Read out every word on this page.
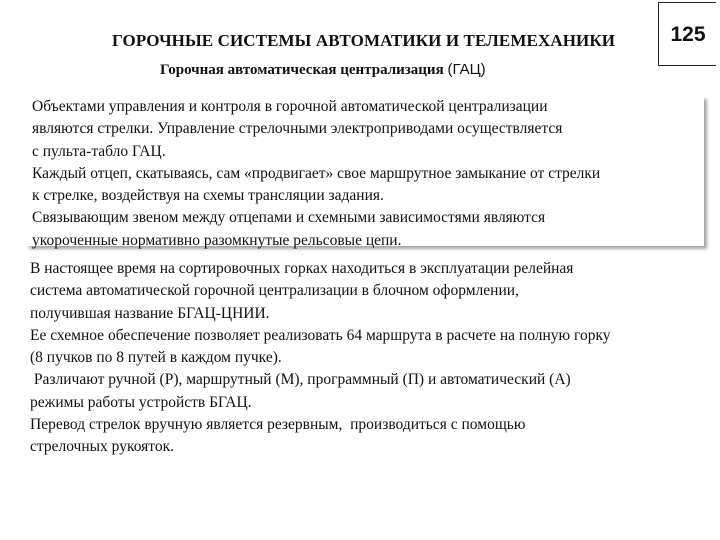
ГОРОЧНЫЕ СИСТЕМЫ АВТОМАТИКИ И ТЕЛЕМЕХАНИКИ	125
Горочная автоматическая централизация (ГАЦ)
Объектами управления и контроля в горочной автоматической централизации
являются стрелки. Управление стрелочными электроприводами осуществляется
с пульта-табло ГАЦ.
Каждый отцеп, скатываясь, сам «продвигает» свое маршрутное замыкание от стрелки
к стрелке, воздействуя на схемы трансляции задания.
Связывающим звеном между отцепами и схемными зависимостями являются
укороченные нормативно разомкнутые рельсовые цепи.
В настоящее время на сортировочных горках находиться в эксплуатации релейная
система автоматической горочной централизации в блочном оформлении,
получившая название БГАЦ-ЦНИИ.
Ее схемное обеспечение позволяет реализовать 64 маршрута в расчете на полную горку
(8 пучков по 8 путей в каждом пучке).
Различают ручной (Р), маршрутный (М), программный (П) и автоматический (А)
режимы работы устройств БГАЦ.
Перевод стрелок вручную является резервным,  производиться с помощью
стрелочных рукояток.
